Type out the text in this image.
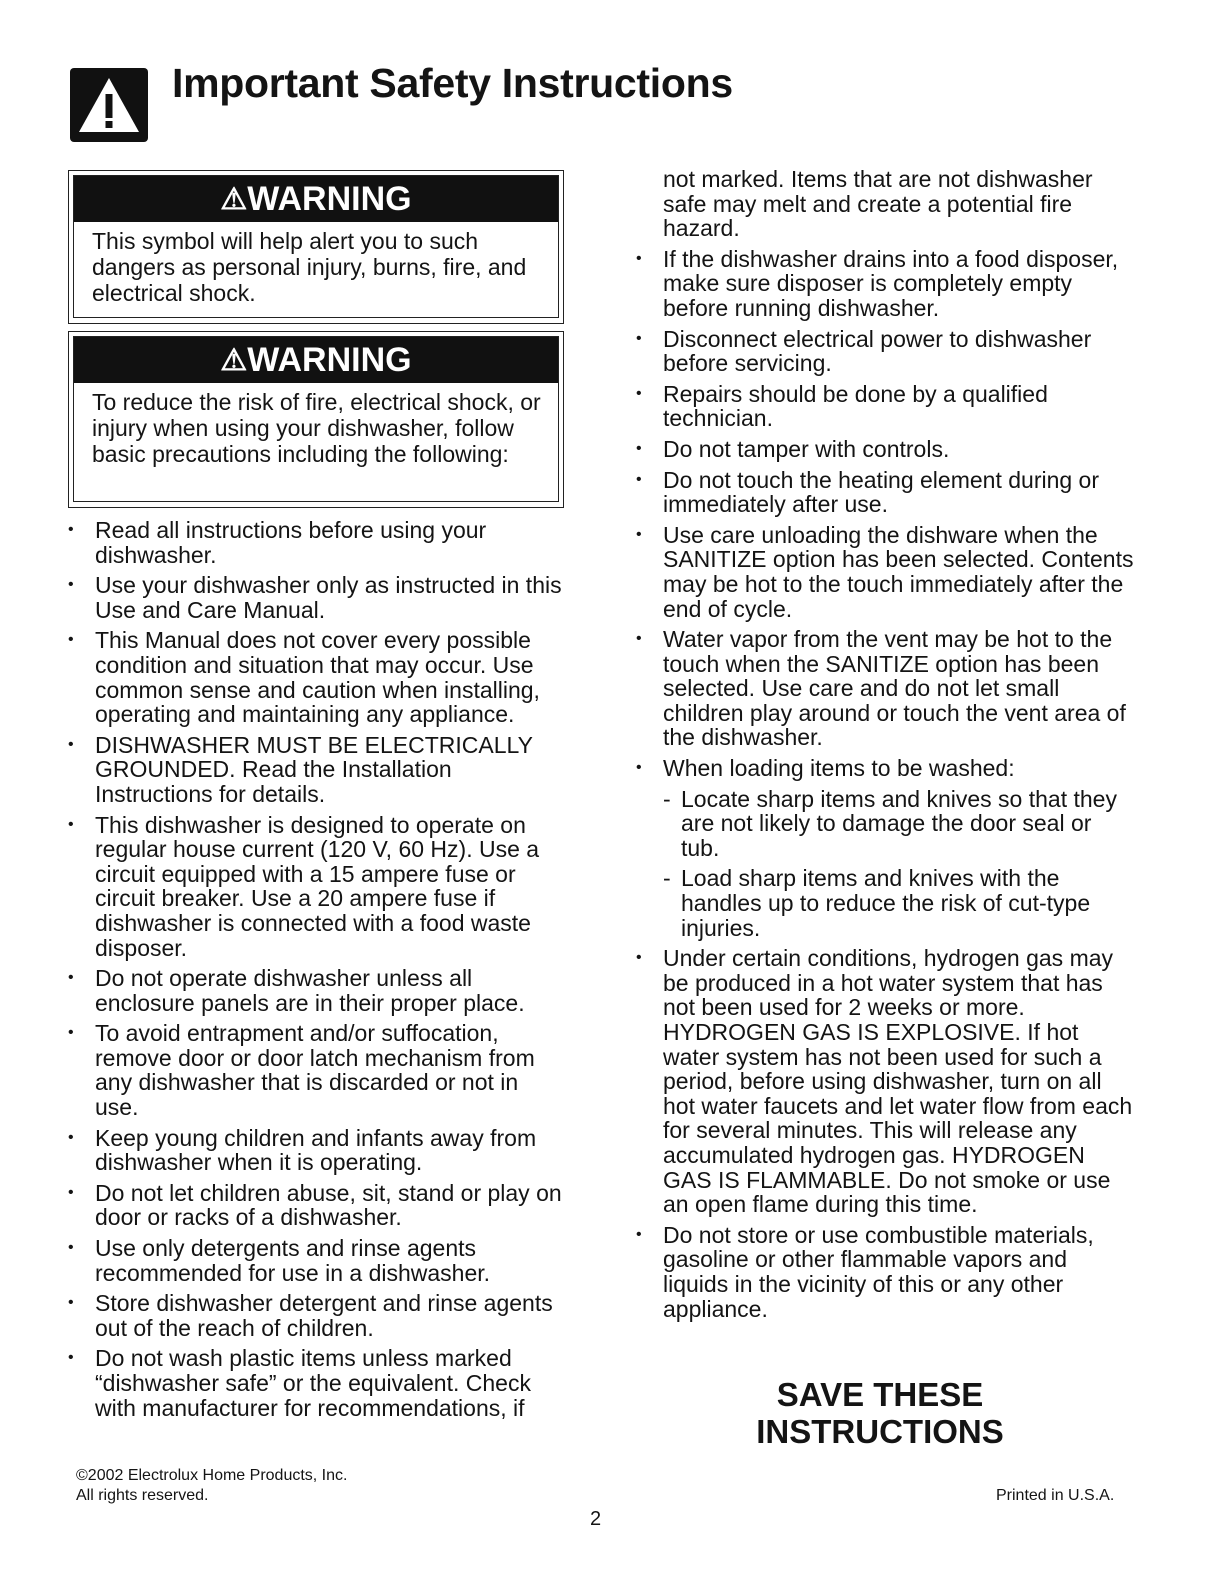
Important Safety Instructions
⚠WARNING
This symbol will help alert you to such dangers as personal injury, burns, fire, and electrical shock.
⚠WARNING
To reduce the risk of fire, electrical shock, or injury when using your dishwasher, follow basic precautions including the following:
• Read all instructions before using your dishwasher.
• Use your dishwasher only as instructed in this Use and Care Manual.
• This Manual does not cover every possible condition and situation that may occur. Use common sense and caution when installing, operating and maintaining any appliance.
• DISHWASHER MUST BE ELECTRICALLY GROUNDED. Read the Installation Instructions for details.
• This dishwasher is designed to operate on regular house current (120 V, 60 Hz). Use a circuit equipped with a 15 ampere fuse or circuit breaker. Use a 20 ampere fuse if dishwasher is connected with a food waste disposer.
• Do not operate dishwasher unless all enclosure panels are in their proper place.
• To avoid entrapment and/or suffocation, remove door or door latch mechanism from any dishwasher that is discarded or not in use.
• Keep young children and infants away from dishwasher when it is operating.
• Do not let children abuse, sit, stand or play on door or racks of a dishwasher.
• Use only detergents and rinse agents recommended for use in a dishwasher.
• Store dishwasher detergent and rinse agents out of the reach of children.
• Do not wash plastic items unless marked “dishwasher safe” or the equivalent. Check with manufacturer for recommendations, if
not marked. Items that are not dishwasher safe may melt and create a potential fire hazard.
• If the dishwasher drains into a food disposer, make sure disposer is completely empty before running dishwasher.
• Disconnect electrical power to dishwasher before servicing.
• Repairs should be done by a qualified technician.
• Do not tamper with controls.
• Do not touch the heating element during or immediately after use.
• Use care unloading the dishware when the SANITIZE option has been selected. Contents may be hot to the touch immediately after the end of cycle.
• Water vapor from the vent may be hot to the touch when the SANITIZE option has been selected. Use care and do not let small children play around or touch the vent area of the dishwasher.
• When loading items to be washed:
- Locate sharp items and knives so that they are not likely to damage the door seal or tub.
- Load sharp items and knives with the handles up to reduce the risk of cut-type injuries.
• Under certain conditions, hydrogen gas may be produced in a hot water system that has not been used for 2 weeks or more. HYDROGEN GAS IS EXPLOSIVE. If hot water system has not been used for such a period, before using dishwasher, turn on all hot water faucets and let water flow from each for several minutes. This will release any accumulated hydrogen gas. HYDROGEN GAS IS FLAMMABLE. Do not smoke or use an open flame during this time.
• Do not store or use combustible materials, gasoline or other flammable vapors and liquids in the vicinity of this or any other appliance.
SAVE THESE
INSTRUCTIONS
©2002 Electrolux Home Products, Inc.
All rights reserved.	Printed in U.S.A.
2
